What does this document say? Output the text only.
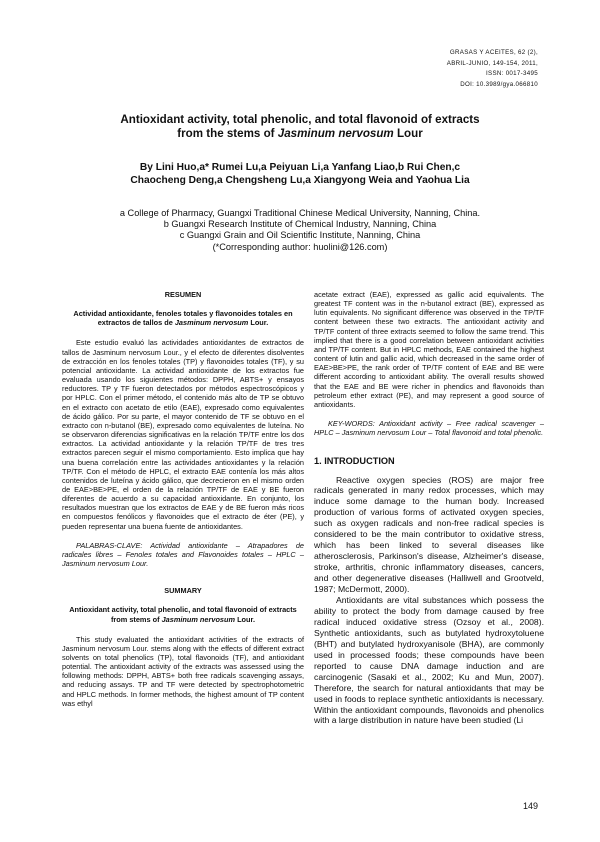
GRASAS Y ACEITES, 62 (2),
ABRIL-JUNIO, 149-154, 2011,
ISSN: 0017-3495
DOI: 10.3989/gya.066810
Antioxidant activity, total phenolic, and total flavonoid of extracts
from the stems of Jasminum nervosum Lour
By Lini Huo,a* Rumei Lu,a Peiyuan Li,a Yanfang Liao,b Rui Chen,c
Chaocheng Deng,a Chengsheng Lu,a Xiangyong Weia and Yaohua Lia
a College of Pharmacy, Guangxi Traditional Chinese Medical University, Nanning, China.
b Guangxi Research Institute of Chemical Industry, Nanning, China
c Guangxi Grain and Oil Scientific Institute, Nanning, China
(*Corresponding author: huolini@126.com)
RESUMEN
Actividad antioxidante, fenoles totales y flavonoides totales en extractos de tallos de Jasminum nervosum Lour.

Este estudio evaluó las actividades antioxidantes de extractos de tallos de Jasminum nervosum Lour., y el efecto de diferentes disolventes de extracción en los fenoles totales (TP) y flavonoides totales (TF), y su potencial antioxidante. La actividad antioxidante de los extractos fue evaluada usando los siguientes métodos: DPPH, ABTS+ y ensayos reductores. TP y TF fueron detectados por métodos espectroscópicos y por HPLC. Con el primer método, el contenido más alto de TP se obtuvo en el extracto con acetato de etilo (EAE), expresado como equivalentes de ácido gálico. Por su parte, el mayor contenido de TF se obtuvo en el extracto con n-butanol (BE), expresado como equivalentes de luteína. No se observaron diferencias significativas en la relación TP/TF entre los dos extractos. La actividad antioxidante y la relación TP/TF de tres tres extractos parecen seguir el mismo comportamiento. Esto implica que hay una buena correlación entre las actividades antioxidantes y la relación TP/TF. Con el método de HPLC, el extracto EAE contenía los más altos contenidos de luteína y ácido gálico, que decrecieron en el mismo orden de EAE>BE>PE, el orden de la relación TP/TF de EAE y BE fueron diferentes de acuerdo a su capacidad antioxidante. En conjunto, los resultados muestran que los extractos de EAE y de BE fueron más ricos en compuestos fenólicos y flavonoides que el extracto de éter (PE), y pueden representar una buena fuente de antioxidantes.

PALABRAS-CLAVE: Actividad antioxidante – Atrapadores de radicales libres – Fenoles totales and Flavonoides totales – HPLC – Jasminum nervosum Lour.

SUMMARY
Antioxidant activity, total phenolic, and total flavonoid of extracts from stems of Jasminum nervosum Lour.

This study evaluated the antioxidant activities of the extracts of Jasminum nervosum Lour. stems along with the effects of different extract solvents on total phenolics (TP), total flavonoids (TF), and antioxidant potential. The antioxidant activity of the extracts was assessed using the following methods: DPPH, ABTS+ both free radicals scavenging assays, and reducing assays. TP and TF were detected by spectrophotometric and HPLC methods. In former methods, the highest amount of TP content was ethyl

acetate extract (EAE), expressed as gallic acid equivalents. The greatest TF content was in the n-butanol extract (BE), expressed as lutin equivalents. No significant difference was observed in the TP/TF content between these two extracts. The antioxidant activity and TP/TF content of three extracts seemed to follow the same trend. This implied that there is a good correlation between antioxidant activities and TP/TF content. But in HPLC methods, EAE contained the highest content of lutin and gallic acid, which decreased in the same order of EAE>BE>PE, the rank order of TP/TF content of EAE and BE were different according to antioxidant ability. The overall results showed that the EAE and BE were richer in phendics and flavonoids than petroleum ether extract (PE), and may represent a good source of antioxidants.

KEY-WORDS: Antioxidant activity – Free radical scavenger – HPLC – Jasminum nervosum Lour – Total flavonoid and total phenolic.

1. INTRODUCTION

Reactive oxygen species (ROS) are major free radicals generated in many redox processes, which may induce some damage to the human body. Increased production of various forms of activated oxygen species, such as oxygen radicals and non-free radical species is considered to be the main contributor to oxidative stress, which has been linked to several diseases like atherosclerosis, Parkinson's disease, Alzheimer's disease, stroke, arthritis, chronic inflammatory diseases, cancers, and other degenerative diseases (Halliwell and Grootveld, 1987; McDermott, 2000).

Antioxidants are vital substances which possess the ability to protect the body from damage caused by free radical induced oxidative stress (Ozsoy et al., 2008). Synthetic antioxidants, such as butylated hydroxytoluene (BHT) and butylated hydroxyanisole (BHA), are commonly used in processed foods; these compounds have been reported to cause DNA damage induction and are carcinogenic (Sasaki et al., 2002; Ku and Mun, 2007). Therefore, the search for natural antioxidants that may be used in foods to replace synthetic antioxidants is necessary. Within the antioxidant compounds, flavonoids and phenolics with a large distribution in nature have been studied (Li

149
